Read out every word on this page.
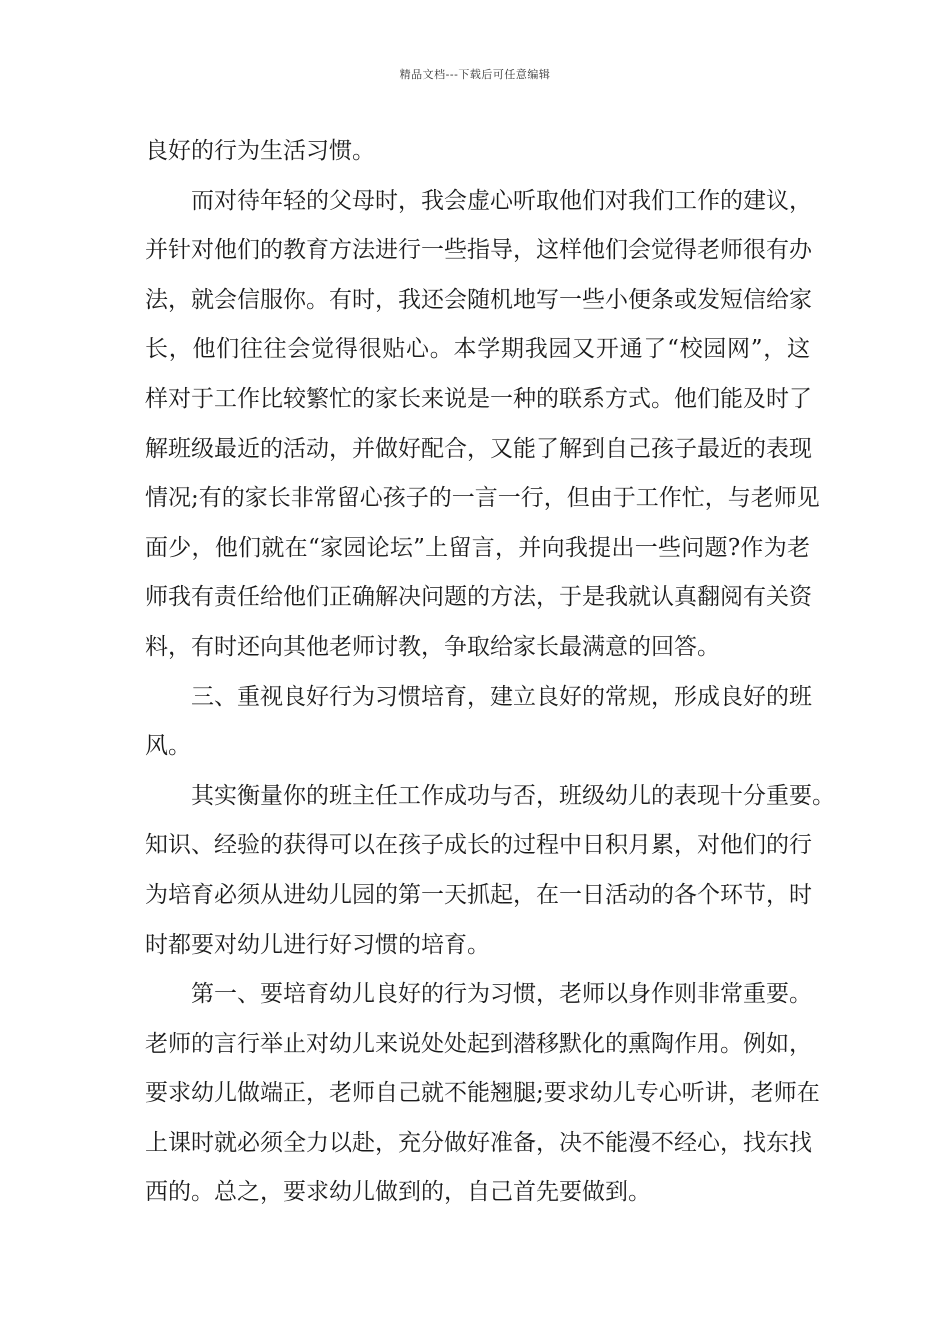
精品文档---下载后可任意编辑
良好的行为生活习惯。
而对待年轻的父母时，我会虚心听取他们对我们工作的建议，
并针对他们的教育方法进行一些指导，这样他们会觉得老师很有办
法，就会信服你。有时，我还会随机地写一些小便条或发短信给家
长，他们往往会觉得很贴心。本学期我园又开通了“校园网”，这
样对于工作比较繁忙的家长来说是一种的联系方式。他们能及时了
解班级最近的活动，并做好配合，又能了解到自己孩子最近的表现
情况;有的家长非常留心孩子的一言一行，但由于工作忙，与老师见
面少，他们就在“家园论坛”上留言，并向我提出一些问题?作为老
师我有责任给他们正确解决问题的方法，于是我就认真翻阅有关资
料，有时还向其他老师讨教，争取给家长最满意的回答。
三、重视良好行为习惯培育，建立良好的常规，形成良好的班
风。
其实衡量你的班主任工作成功与否，班级幼儿的表现十分重要。
知识、经验的获得可以在孩子成长的过程中日积月累，对他们的行
为培育必须从进幼儿园的第一天抓起，在一日活动的各个环节，时
时都要对幼儿进行好习惯的培育。
第一、要培育幼儿良好的行为习惯，老师以身作则非常重要。
老师的言行举止对幼儿来说处处起到潜移默化的熏陶作用。例如，
要求幼儿做端正，老师自己就不能翘腿;要求幼儿专心听讲，老师在
上课时就必须全力以赴，充分做好准备，决不能漫不经心，找东找
西的。总之，要求幼儿做到的，自己首先要做到。
